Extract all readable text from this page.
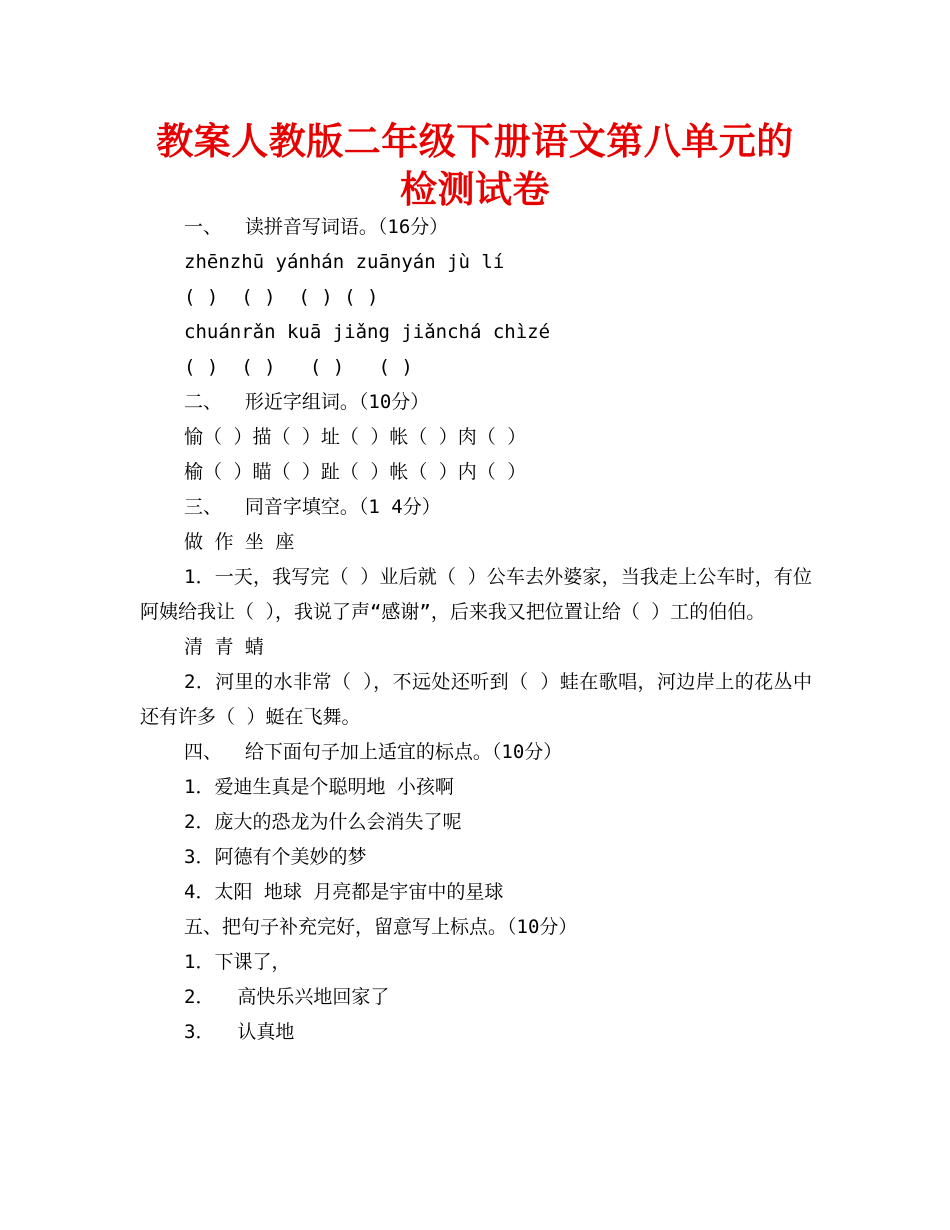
教案人教版二年级下册语文第八单元的检测试卷
一、  读拼音写词语。（16分）
zhēnzhū yánhán zuānyán jù lí
( )  ( )  ( ) ( )
chuánrǎn kuā jiǎng jiǎnchá chìzé
( )  ( )   ( )   ( )
二、  形近字组词。（10分）
愉（ ）描（ ）址（ ）帐（ ）肉（ ）
榆（ ）瞄（ ）趾（ ）帐（ ）内（ ）
三、  同音字填空。（1 4分）
做 作 坐 座
1．一天，我写完（ ）业后就（ ）公车去外婆家，当我走上公车时，有位阿姨给我让（ ），我说了声“感谢”，后来我又把位置让给（ ）工的伯伯。
清 青 蜻
2．河里的水非常（ ），不远处还听到（ ）蛙在歌唱，河边岸上的花丛中还有许多（ ）蜓在飞舞。
四、  给下面句子加上适宜的标点。（10分）
1．爱迪生真是个聪明地 小孩啊
2．庞大的恐龙为什么会消失了呢
3．阿德有个美妙的梦
4．太阳 地球 月亮都是宇宙中的星球
五、把句子补充完好，留意写上标点。（10分）
1．下课了，
2．  高快乐兴地回家了
3．  认真地
